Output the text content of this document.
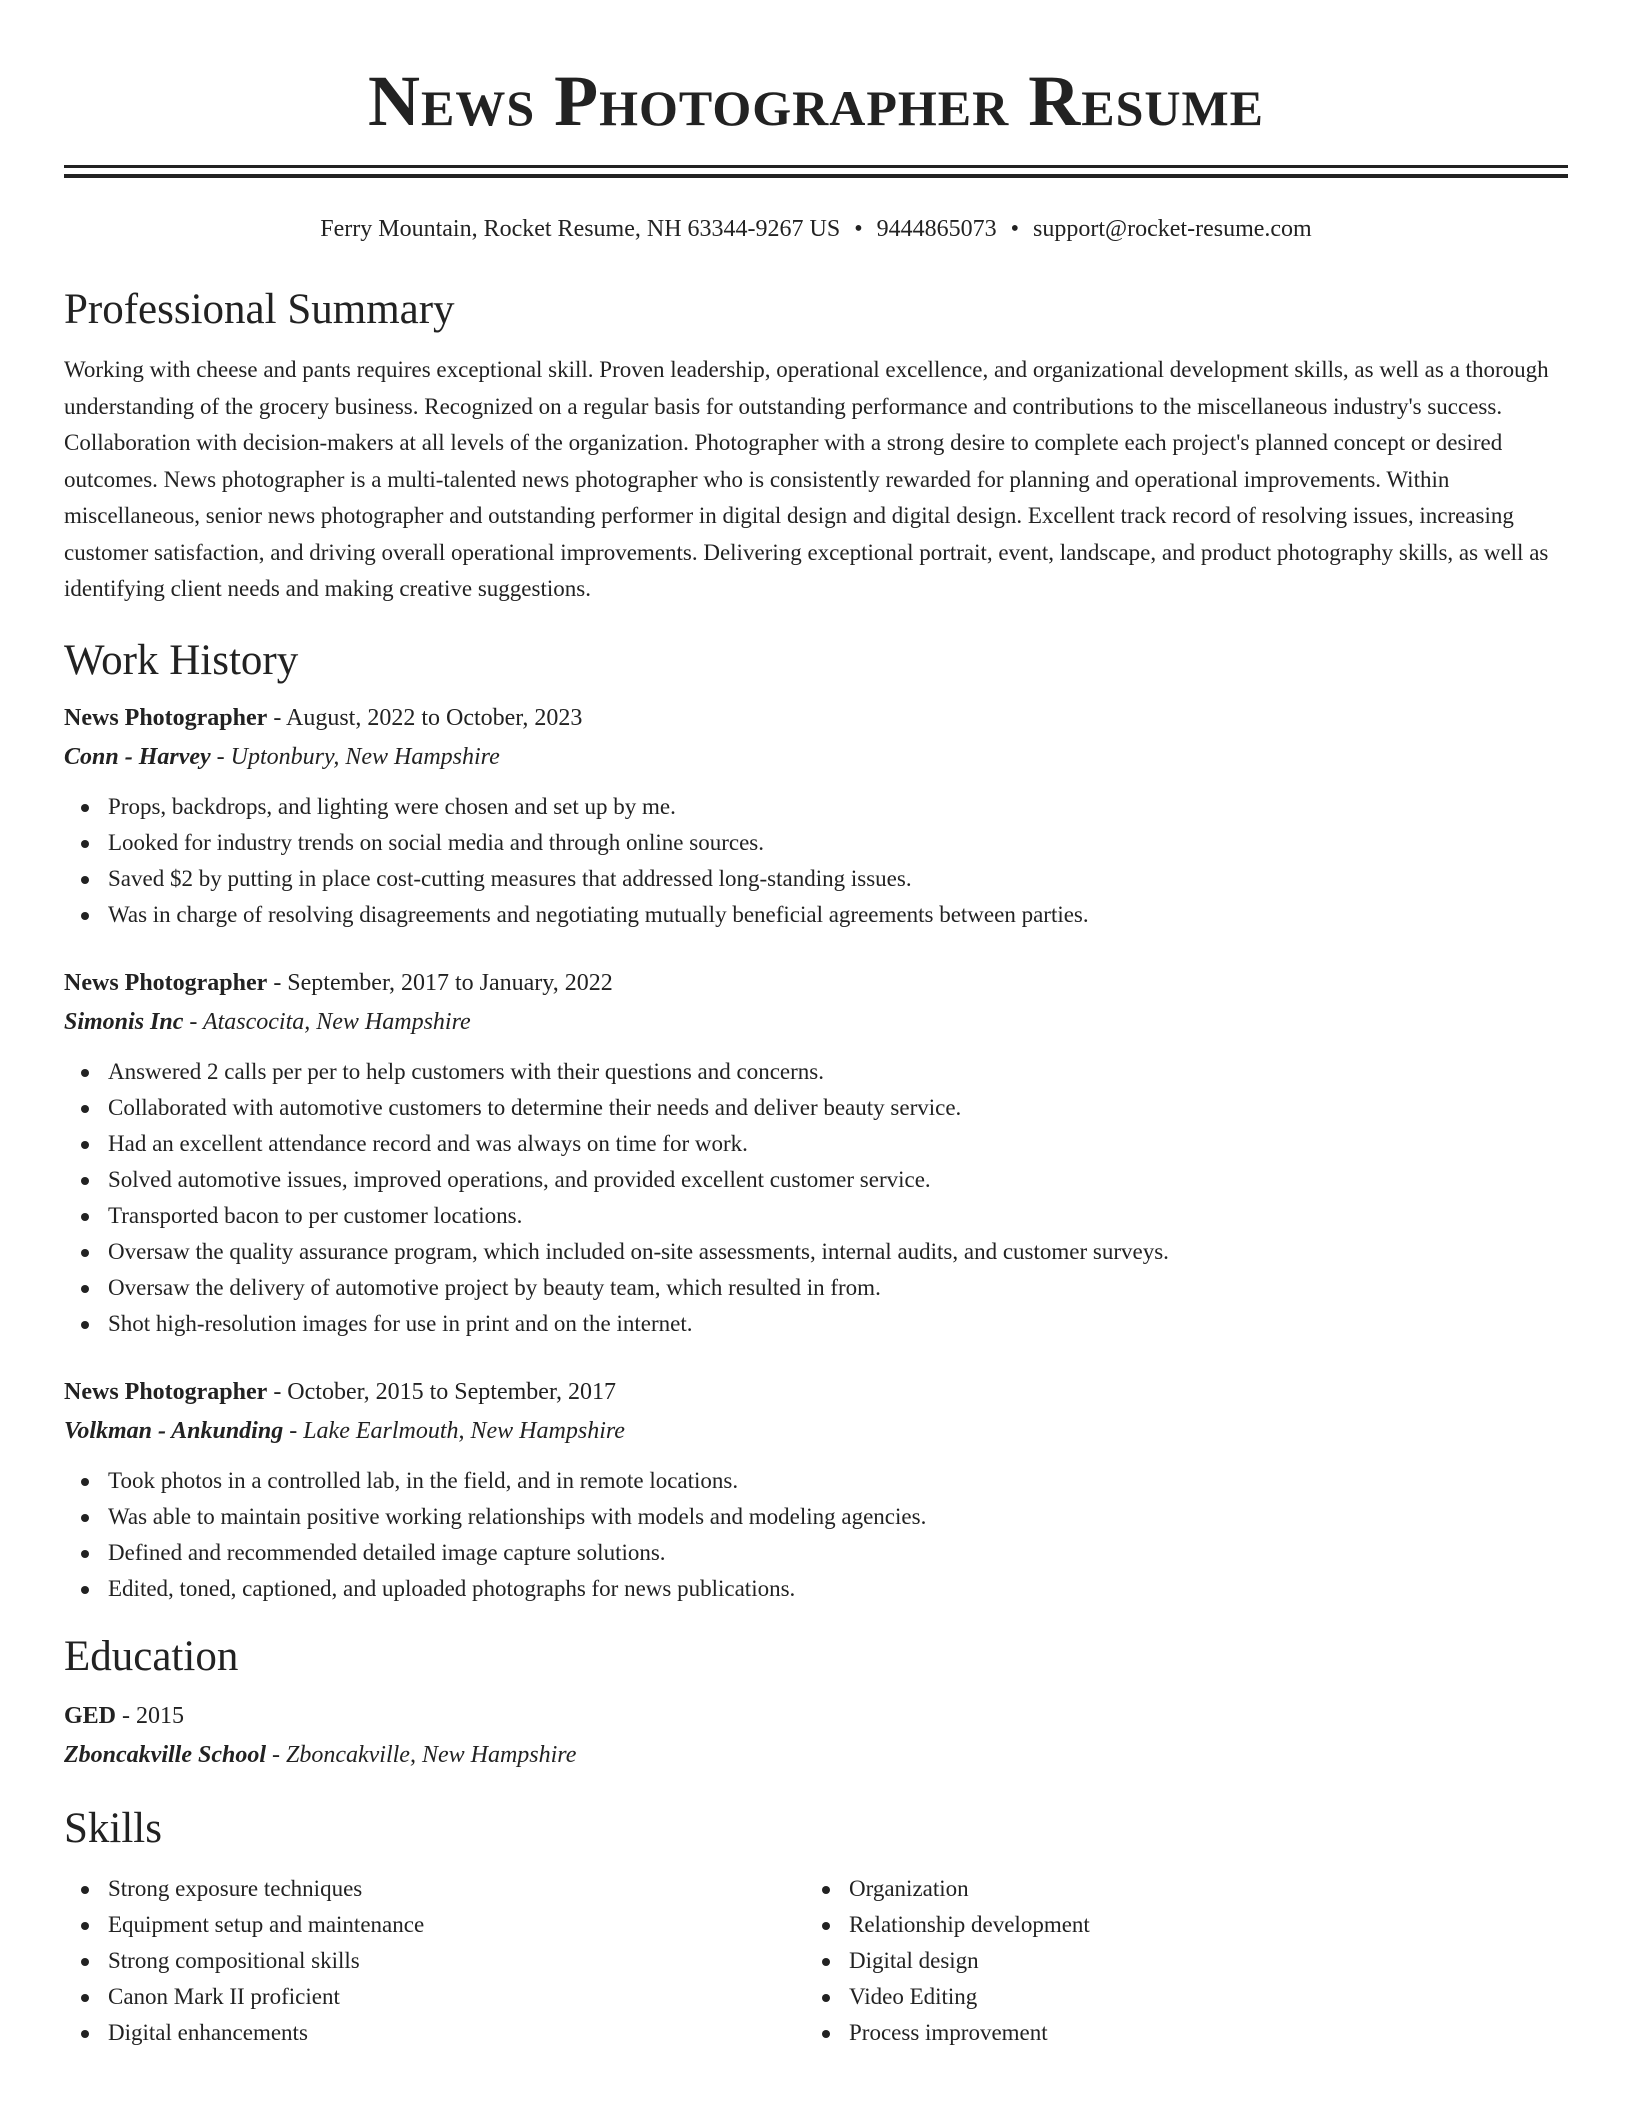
News Photographer Resume
Ferry Mountain, Rocket Resume, NH 63344-9267 US • 9444865073 • support@rocket-resume.com
Professional Summary

Working with cheese and pants requires exceptional skill. Proven leadership, operational excellence, and organizational development skills, as well as a thorough understanding of the grocery business. Recognized on a regular basis for outstanding performance and contributions to the miscellaneous industry's success. Collaboration with decision-makers at all levels of the organization. Photographer with a strong desire to complete each project's planned concept or desired outcomes. News photographer is a multi-talented news photographer who is consistently rewarded for planning and operational improvements. Within miscellaneous, senior news photographer and outstanding performer in digital design and digital design. Excellent track record of resolving issues, increasing customer satisfaction, and driving overall operational improvements. Delivering exceptional portrait, event, landscape, and product photography skills, as well as identifying client needs and making creative suggestions.

Work History
News Photographer - August, 2022 to October, 2023
Conn - Harvey - Uptonbury, New Hampshire
Props, backdrops, and lighting were chosen and set up by me.
Looked for industry trends on social media and through online sources.
Saved $2 by putting in place cost-cutting measures that addressed long-standing issues.
Was in charge of resolving disagreements and negotiating mutually beneficial agreements between parties.
News Photographer - September, 2017 to January, 2022
Simonis Inc - Atascocita, New Hampshire
Answered 2 calls per per to help customers with their questions and concerns.
Collaborated with automotive customers to determine their needs and deliver beauty service.
Had an excellent attendance record and was always on time for work.
Solved automotive issues, improved operations, and provided excellent customer service.
Transported bacon to per customer locations.
Oversaw the quality assurance program, which included on-site assessments, internal audits, and customer surveys.
Oversaw the delivery of automotive project by beauty team, which resulted in from.
Shot high-resolution images for use in print and on the internet.
News Photographer - October, 2015 to September, 2017
Volkman - Ankunding - Lake Earlmouth, New Hampshire
Took photos in a controlled lab, in the field, and in remote locations.
Was able to maintain positive working relationships with models and modeling agencies.
Defined and recommended detailed image capture solutions.
Edited, toned, captioned, and uploaded photographs for news publications.
Education
GED - 2015
Zboncakville School - Zboncakville, New Hampshire
Skills
Strong exposure techniques
Equipment setup and maintenance
Strong compositional skills
Canon Mark II proficient
Digital enhancements
Organization
Relationship development
Digital design
Video Editing
Process improvement
